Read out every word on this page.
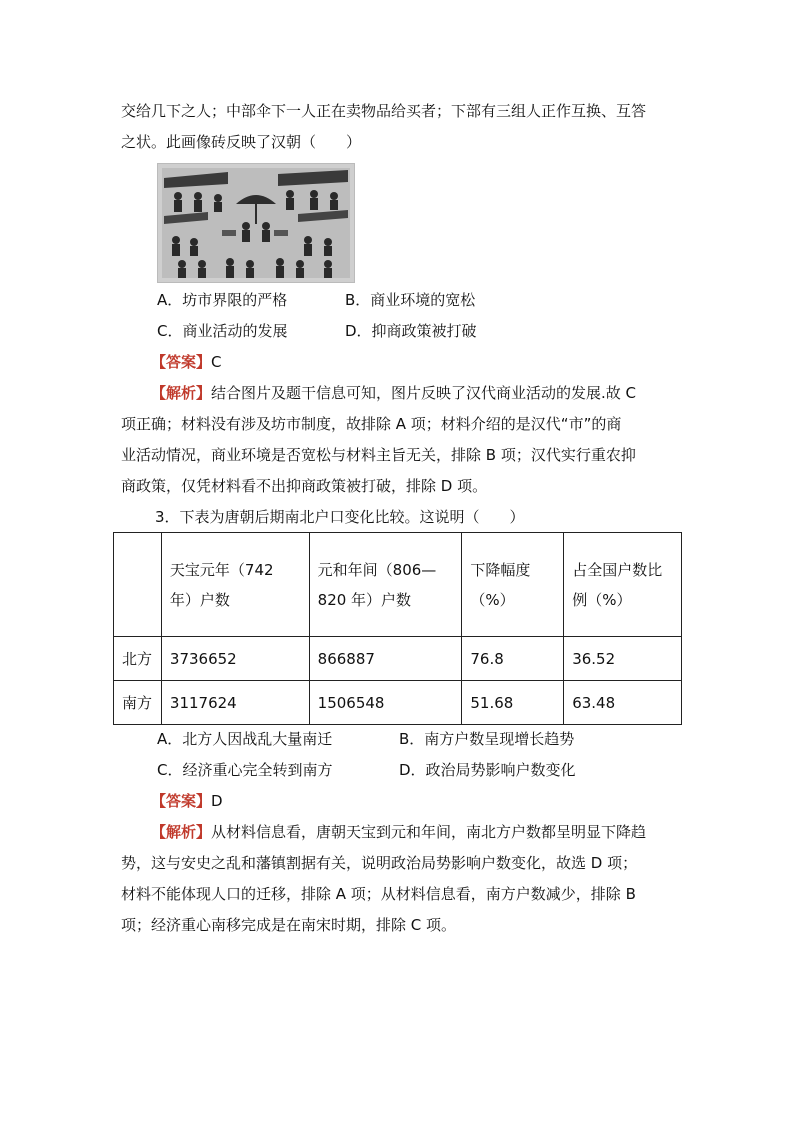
交给几下之人；中部伞下一人正在卖物品给买者；下部有三组人正作互换、互答
之状。此画像砖反映了汉朝（　　）
A．坊市界限的严格	B．商业环境的宽松
C．商业活动的发展	D．抑商政策被打破
【答案】C
【解析】结合图片及题干信息可知，图片反映了汉代商业活动的发展.故 C
项正确；材料没有涉及坊市制度，故排除 A 项；材料介绍的是汉代“市”的商
业活动情况，商业环境是否宽松与材料主旨无关，排除 B 项；汉代实行重农抑
商政策，仅凭材料看不出抑商政策被打破，排除 D 项。
3．下表为唐朝后期南北户口变化比较。这说明（　　）
	天宝元年（742 年）户数	元和年间（806—820 年）户数	下降幅度（%）	占全国户数比例（%）
北方	3736652	866887	76.8	36.52
南方	3117624	1506548	51.68	63.48
A．北方人因战乱大量南迁	B．南方户数呈现增长趋势
C．经济重心完全转到南方	D．政治局势影响户数变化
【答案】D
【解析】从材料信息看，唐朝天宝到元和年间，南北方户数都呈明显下降趋
势，这与安史之乱和藩镇割据有关，说明政治局势影响户数变化，故选 D 项；
材料不能体现人口的迁移，排除 A 项；从材料信息看，南方户数减少，排除 B
项；经济重心南移完成是在南宋时期，排除 C 项。
